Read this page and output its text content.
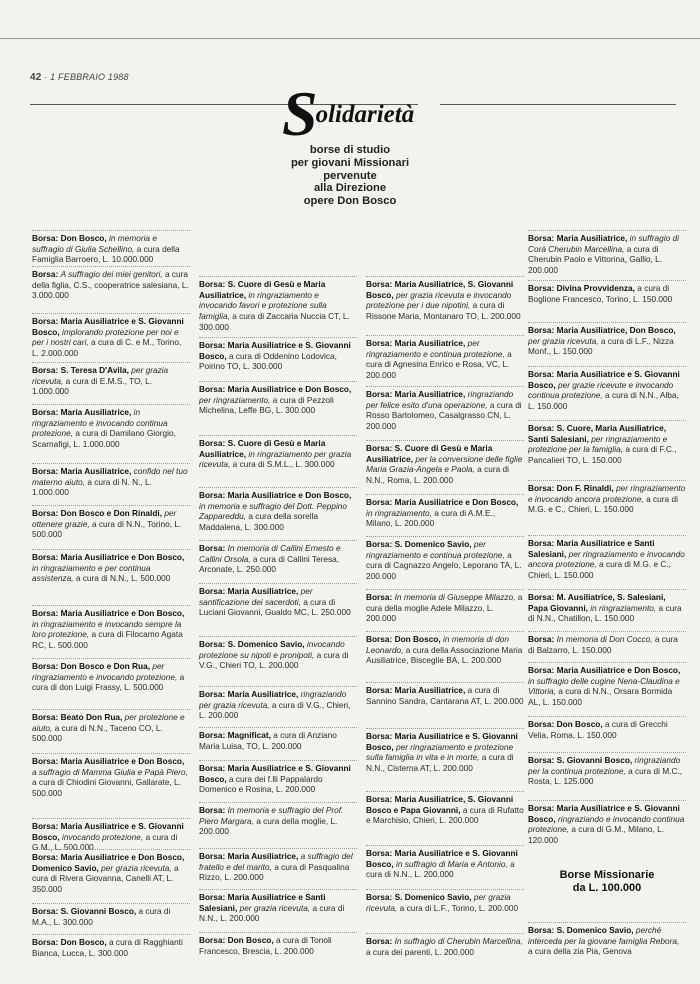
42 · 1 FEBBRAIO 1988
S
olidarietà
borse di studio
per giovani Missionari
pervenute
alla Direzione
opere Don Bosco
Borsa: Don Bosco, in memoria e suffragio di Giulia Schellino, a cura della Famiglia Barroero, L. 10.000.000
Borsa: A suffragio dei miei genitori, a cura della figlia, C.S., cooperatrice salesiana, L. 3.000.000
Borsa: Maria Ausiliatrice e S. Giovanni Bosco, implorando protezione per noi e per i nostri cari, a cura di C. e M., Torino, L. 2.000.000
Borsa: S. Teresa D'Avila, per grazia ricevuta, a cura di E.M.S., TO, L. 1.000.000
Borsa: Maria Ausiliatrice, in ringraziamento e invocando continua protezione, a cura di Damilano Giorgio, Scarnafigi, L. 1.000.000
Borsa: Maria Ausiliatrice, confido nel tuo materno aiuto, a cura di N. N., L. 1.000.000
Borsa: Don Bosco e Don Rinaldi, per ottenere grazie, a cura di N.N., Torino, L. 500.000
Borsa: Maria Ausiliatrice e Don Bosco, in ringraziamento e per continua assistenza, a cura di N.N., L. 500.000
Borsa: Maria Ausiliatrice e Don Bosco, in ringraziamento e invocando sempre la loro protezione, a cura di Filocamo Agata RC, L. 500.000
Borsa: Don Bosco e Don Rua, per ringraziamento e invocando protezione, a cura di don Luigi Frassy, L. 500.000
Borsa: Beato Don Rua, per protezione e aiuto, a cura di N.N., Taceno CO, L. 500.000
Borsa: Maria Ausiliatrice e Don Bosco, a suffragio di Mamma Giulia e Papà Piero, a cura di Chiodini Giovanni, Gallarate, L. 500.000
Borsa: Maria Ausiliatrice e S. Giovanni Bosco, invocando protezione, a cura di G.M., L. 500.000
Borsa: Maria Ausiliatrice e Don Bosco, Domenico Savio, per grazia ricevuta, a cura di Rivera Giovanna, Canelli AT, L. 350.000
Borsa: S. Giovanni Bosco, a cura di M.A., L. 300.000
Borsa: Don Bosco, a cura di Ragghianti Bianca, Lucca, L. 300.000
Borsa: S. Cuore di Gesù e Maria Ausiliatrice, in ringraziamento e invocando favori e protezione sulla famiglia, a cura di Zaccaria Nuccia CT, L. 300.000
Borsa: Maria Ausiliatrice e S. Giovanni Bosco, a cura di Oddenino Lodovica, Poirino TO, L. 300.000
Borsa: Maria Ausiliatrice e Don Bosco, per ringraziamento, a cura di Pezzoli Michelina, Leffe BG, L. 300.000
Borsa: S. Cuore di Gesù e Maria Ausiliatrice, in ringraziamento per grazia ricevuta, a cura di S.M.L., L. 300.000
Borsa: Maria Ausiliatrice e Don Bosco, in memoria e suffragio del Dott. Peppino Zappareddu, a cura della sorella Maddalena, L. 300.000
Borsa: In memoria di Callini Ernesto e Callini Orsola, a cura di Callini Teresa, Arconate, L. 250.000
Borsa: Maria Ausiliatrice, per santificazione dei sacerdoti, a cura di Luciani Giovanni, Gualdo MC, L. 250.000
Borsa: S. Domenico Savio, invocando protezione su nipoti e pronipoti, a cura di V.G., Chieri TO, L. 200.000
Borsa: Maria Ausiliatrice, ringraziando per grazia ricevuta, a cura di V.G., Chieri, L. 200.000
Borsa: Magnificat, a cura di Anziano Maria Luisa, TO, L. 200.000
Borsa: Maria Ausiliatrice e S. Giovanni Bosco, a cura dei f.lli Pappalardo Domenico e Rosina, L. 200.000
Borsa: In memoria e suffragio del Prof. Piero Margara, a cura della moglie, L. 200.000
Borsa: Maria Ausiliatrice, a suffragio del fratello e del marito, a cura di Pasqualina Rizzo, L. 200.000
Borsa: Maria Ausiliatrice e Santi Salesiani, per grazia ricevuta, a cura di N.N., L. 200.000
Borsa: Don Bosco, a cura di Tonoli Francesco, Brescia, L. 200.000
Borsa: Maria Ausiliatrice, S. Giovanni Bosco, per grazia ricevuta e invocando protezione per i due nipotini, a cura di Rissone Maria, Montanaro TO, L. 200.000
Borsa: Maria Ausiliatrice, per ringraziamento e continua protezione, a cura di Agnesina Enrico e Rosa, VC, L. 200.000
Borsa: Maria Ausiliatrice, ringraziando per felice esito d'una operazione, a cura di Rosso Bartolomeo, Casalgrasso CN, L. 200.000
Borsa: S. Cuore di Gesù e Maria Ausiliatrice, per la conversione delle figlie Maria Grazia-Angela e Paola, a cura di N.N., Roma, L. 200.000
Borsa: Maria Ausiliatrice e Don Bosco, in ringraziamento, a cura di A.M.E., Milano, L. 200.000
Borsa: S. Domenico Savio, per ringraziamento e continua protezione, a cura di Cagnazzo Angelo, Leporano TA, L. 200.000
Borsa: In memoria di Giuseppe Milazzo, a cura della moglie Adele Milazzo, L. 200.000
Borsa: Don Bosco, in memoria di don Leonardo, a cura della Associazione Maria Ausiliatrice, Bisceglie BA, L. 200.000
Borsa: Maria Ausiliatrice, a cura di Sannino Sandra, Cantarana AT, L. 200.000
Borsa: Maria Ausiliatrice e S. Giovanni Bosco, per ringraziamento e protezione sulla famiglia in vita e in morte, a cura di N.N., Cisterna AT, L. 200.000
Borsa: Maria Ausiliatrice, S. Giovanni Bosco e Papa Giovanni, a cura di Rufatto e Marchisio, Chieri, L. 200.000
Borsa: Maria Ausiliatrice e S. Giovanni Bosco, in suffragio di Maria e Antonio, a cura di N.N., L. 200.000
Borsa: S. Domenico Savio, per grazia ricevuta, a cura di L.F., Torino, L. 200.000
Borsa: In suffragio di Cherubin Marcellina, a cura dei parenti, L. 200.000
Borsa: Maria Ausiliatrice, in suffragio di Corà Cherubin Marcellina, a cura di Cherubin Paolo e Vittorina, Gallio, L. 200.000
Borsa: Divina Provvidenza, a cura di Boglione Francesco, Torino, L. 150.000
Borsa: Maria Ausiliatrice, Don Bosco, per grazia ricevuta, a cura di L.F., Nizza Monf., L. 150.000
Borsa: Maria Ausiliatrice e S. Giovanni Bosco, per grazie ricevute e invocando continua protezione, a cura di N.N., Alba, L. 150.000
Borsa: S. Cuore, Maria Ausiliatrice, Santi Salesiani, per ringraziamento e protezione per la famiglia, a cura di F.C., Pancalieri TO, L. 150.000
Borsa: Don F. Rinaldi, per ringraziamento e invocando ancora protezione, a cura di M.G. e C., Chieri, L. 150.000
Borsa: Maria Ausiliatrice e Santi Salesiani, per ringraziamento e invocando ancora protezione, a cura di M.G. e C., Chieri, L. 150.000
Borsa: M. Ausiliatrice, S. Salesiani, Papa Giovanni, in ringraziamento, a cura di N.N., Chatillon, L. 150.000
Borsa: In memoria di Don Cocco, a cura di Balzarro, L. 150.000
Borsa: Maria Ausiliatrice e Don Bosco, in suffragio delle cugine Nena-Claudina e Vittoria, a cura di N.N., Orsara Bormida AL, L. 150.000
Borsa: Don Bosco, a cura di Grecchi Velia, Roma, L. 150.000
Borsa: S. Giovanni Bosco, ringraziando per la continua protezione, a cura di M.C., Rosta, L. 125.000
Borsa: Maria Ausiliatrice e S. Giovanni Bosco, ringraziando e invocando continua protezione, a cura di G.M., Milano, L. 120.000
Borsa: S. Domenico Savio, perché interceda per la giovane famiglia Rebora, a cura della zia Pia, Genova
Borse Missionarie
da L. 100.000
